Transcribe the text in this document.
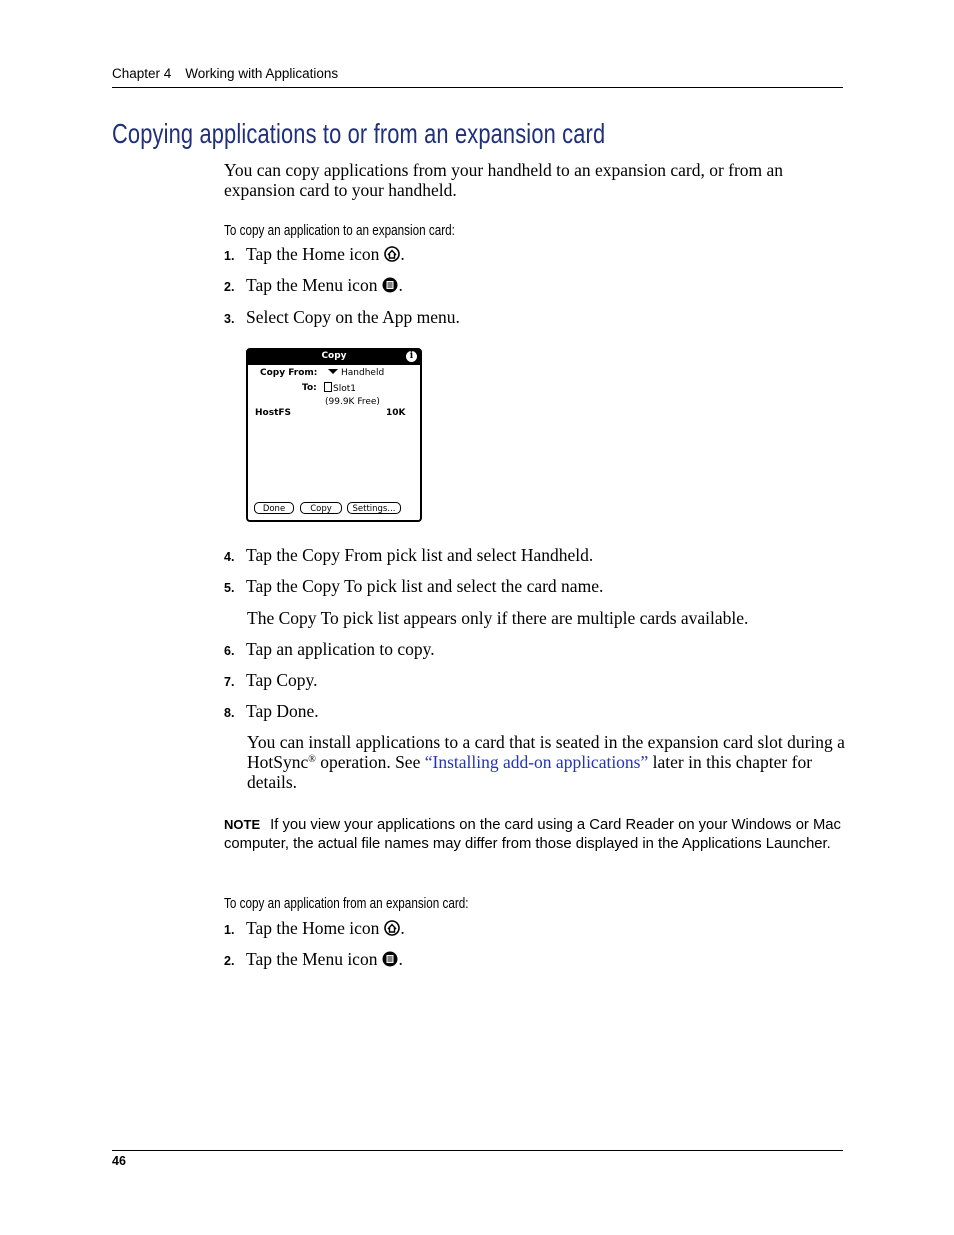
Chapter 4 Working with Applications
Copying applications to or from an expansion card
You can copy applications from your handheld to an expansion card, or from an expansion card to your handheld.
To copy an application to an expansion card:
1. Tap the Home icon .
2. Tap the Menu icon .
3. Select Copy on the App menu.
Copy	i
Copy From:	Handheld
To:	Slot1
(99.9K Free)
HostFS	10K
Done	Copy	Settings...
4. Tap the Copy From pick list and select Handheld.
5. Tap the Copy To pick list and select the card name.
The Copy To pick list appears only if there are multiple cards available.
6. Tap an application to copy.
7. Tap Copy.
8. Tap Done.
You can install applications to a card that is seated in the expansion card slot during a HotSync® operation. See “Installing add-on applications” later in this chapter for details.
NOTE If you view your applications on the card using a Card Reader on your Windows or Mac computer, the actual file names may differ from those displayed in the Applications Launcher.
To copy an application from an expansion card:
1. Tap the Home icon .
2. Tap the Menu icon .
46
